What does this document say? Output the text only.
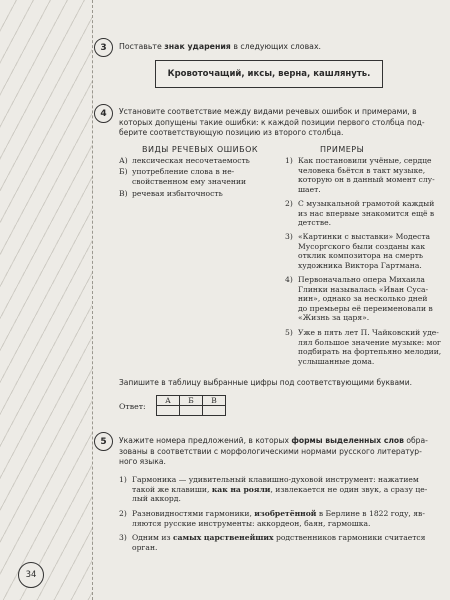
3	Поставьте знак ударения в следующих словах.
Кровоточащий, иксы, верна, кашлянуть.
4	Установите соответствие между видами речевых ошибок и примерами, в
которых допущены такие ошибки: к каждой позиции первого столбца под-
берите соответствующую позицию из второго столбца.
ВИДЫ РЕЧЕВЫХ ОШИБОК	ПРИМЕРЫ
А) лексическая несочетаемость
Б) употребление слова в не-
свойственном ему значении
В) речевая избыточность
1) Как постановили учёные, сердце
человека бьётся в такт музыке,
которую он в данный момент слу-
шает.
2) С музыкальной грамотой каждый
из нас впервые знакомится ещё в
детстве.
3) «Картинки с выставки» Модеста
Мусоргского были созданы как
отклик композитора на смерть
художника Виктора Гартмана.
4) Первоначально опера Михаила
Глинки называлась «Иван Суса-
нин», однако за несколько дней
до премьеры её переименовали в
«Жизнь за царя».
5) Уже в пять лет П. Чайковский уде-
лял большое значение музыке: мог
подбирать на фортепьяно мелодии,
услышанные дома.
Запишите в таблицу выбранные цифры под соответствующими буквами.
Ответ:
А	Б	В

5	Укажите номера предложений, в которых формы выделенных слов обра-
зованы в соответствии с морфологическими нормами русского литератур-
ного языка.
1) Гармоника — удивительный клавишно-духовой инструмент: нажатием
такой же клавиши, как на рояли, извлекается не один звук, а сразу це-
лый аккорд.
2) Разновидностями гармоники, изобретённой в Берлине в 1822 году, яв-
ляются русские инструменты: аккордеон, баян, гармошка.
3) Одним из самых царственейших родственников гармоники считается
орган.
34
